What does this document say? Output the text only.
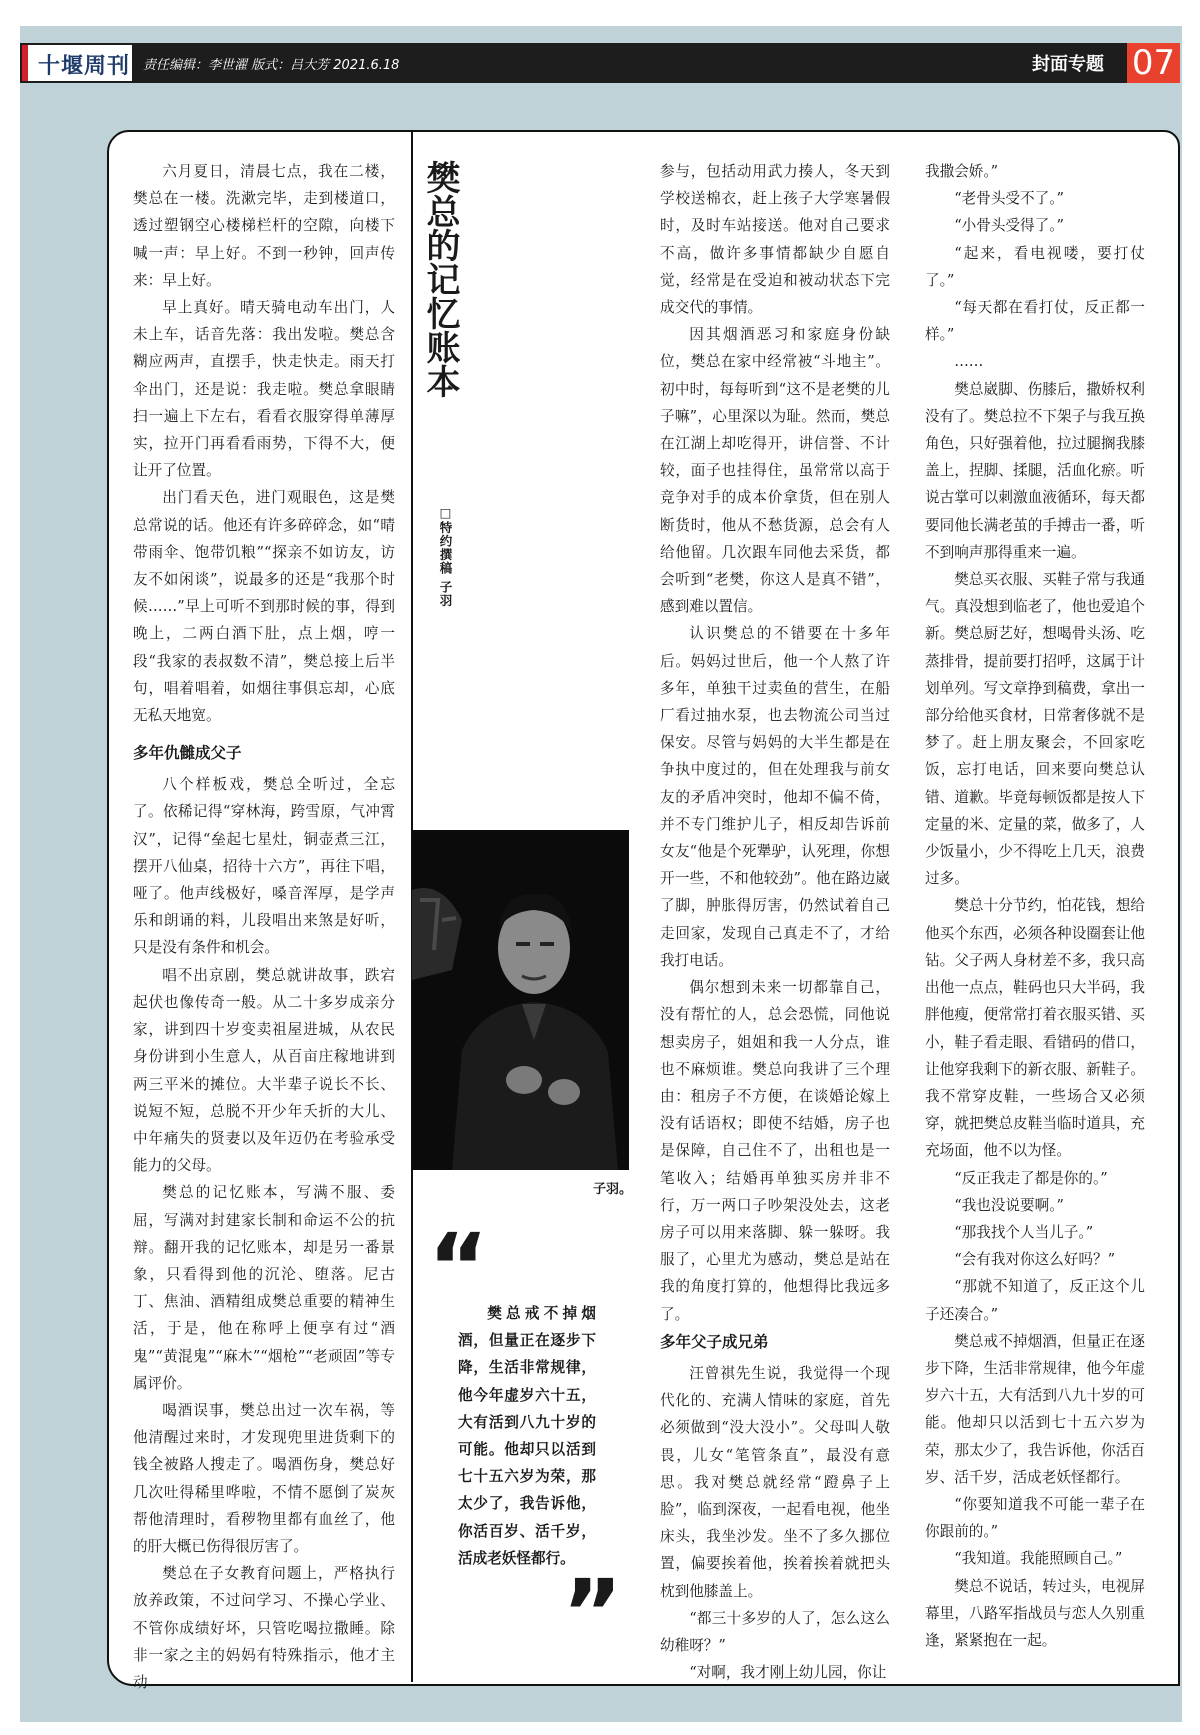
十堰周刊 责任编辑：李世濯 版式：吕大芳 2021.6.18	封面专题 07

六月夏日，清晨七点，我在二楼，樊总在一楼。洗漱完毕，走到楼道口，透过塑钢空心楼梯栏杆的空隙，向楼下喊一声：早上好。不到一秒钟，回声传来：早上好。

早上真好。晴天骑电动车出门，人未上车，话音先落：我出发啦。樊总含糊应两声，直摆手，快走快走。雨天打伞出门，还是说：我走啦。樊总拿眼睛扫一遍上下左右，看看衣服穿得单薄厚实，拉开门再看看雨势，下得不大，便让开了位置。

出门看天色，进门观眼色，这是樊总常说的话。他还有许多碎碎念，如“晴带雨伞、饱带饥粮”“探亲不如访友，访友不如闲谈”，说最多的还是“我那个时候……”早上可听不到那时候的事，得到晚上，二两白酒下肚，点上烟，哼一段“我家的表叔数不清”，樊总接上后半句，唱着唱着，如烟往事俱忘却，心底无私天地宽。

多年仇雠成父子

八个样板戏，樊总全听过，全忘了。依稀记得“穿林海，跨雪原，气冲霄汉”，记得“垒起七星灶，铜壶煮三江，摆开八仙桌，招待十六方”，再往下唱，哑了。他声线极好，嗓音浑厚，是学声乐和朗诵的料，儿段唱出来煞是好听，只是没有条件和机会。

唱不出京剧，樊总就讲故事，跌宕起伏也像传奇一般。从二十多岁成亲分家，讲到四十岁变卖祖屋进城，从农民身份讲到小生意人，从百亩庄稼地讲到两三平米的摊位。大半辈子说长不长、说短不短，总脱不开少年夭折的大儿、中年痛失的贤妻以及年迈仍在考验承受能力的父母。

樊总的记忆账本，写满不服、委屈，写满对封建家长制和命运不公的抗辩。翻开我的记忆账本，却是另一番景象，只看得到他的沉沦、堕落。尼古丁、焦油、酒精组成樊总重要的精神生活，于是，他在称呼上便享有过“酒鬼”“黄混鬼”“麻木”“烟枪”“老顽固”等专属评价。

喝酒误事，樊总出过一次车祸，等他清醒过来时，才发现兜里进货剩下的钱全被路人搜走了。喝酒伤身，樊总好几次吐得稀里哗啦，不情不愿倒了炭灰帮他清理时，看秽物里都有血丝了，他的肝大概已伤得很厉害了。

樊总在子女教育问题上，严格执行放养政策，不过问学习、不操心学业、不管你成绩好坏，只管吃喝拉撒睡。除非一家之主的妈妈有特殊指示，他才主动

樊总的记忆账本
□特约撰稿 子羽
子羽。
“

樊总戒不掉烟酒，但量正在逐步下降，生活非常规律，他今年虚岁六十五，大有活到八九十岁的可能。他却只以活到七十五六岁为荣，那太少了，我告诉他，你活百岁、活千岁，活成老妖怪都行。

”

参与，包括动用武力揍人，冬天到学校送棉衣，赶上孩子大学寒暑假时，及时车站接送。他对自己要求不高，做许多事情都缺少自愿自觉，经常是在受迫和被动状态下完成交代的事情。

因其烟酒恶习和家庭身份缺位，樊总在家中经常被“斗地主”。初中时，每每听到“这不是老樊的儿子嘛”，心里深以为耻。然而，樊总在江湖上却吃得开，讲信誉、不计较，面子也挂得住，虽常常以高于竞争对手的成本价拿货，但在别人断货时，他从不愁货源，总会有人给他留。几次跟车同他去采货，都会听到“老樊，你这人是真不错”，感到难以置信。

认识樊总的不错要在十多年后。妈妈过世后，他一个人熬了许多年，单独干过卖鱼的营生，在船厂看过抽水泵，也去物流公司当过保安。尽管与妈妈的大半生都是在争执中度过的，但在处理我与前女友的矛盾冲突时，他却不偏不倚，并不专门维护儿子，相反却告诉前女友“他是个死犟驴，认死理，你想开一些，不和他较劲”。他在路边崴了脚，肿胀得厉害，仍然试着自己走回家，发现自己真走不了，才给我打电话。

偶尔想到未来一切都靠自己，没有帮忙的人，总会恐慌，同他说想卖房子，姐姐和我一人分点，谁也不麻烦谁。樊总向我讲了三个理由：租房子不方便，在谈婚论嫁上没有话语权；即使不结婚，房子也是保障，自己住不了，出租也是一笔收入；结婚再单独买房并非不行，万一两口子吵架没处去，这老房子可以用来落脚、躲一躲呀。我服了，心里尤为感动，樊总是站在我的角度打算的，他想得比我远多了。

多年父子成兄弟

汪曾祺先生说，我觉得一个现代化的、充满人情味的家庭，首先必须做到“没大没小”。父母叫人敬畏，儿女“笔管条直”，最没有意思。我对樊总就经常“蹬鼻子上脸”，临到深夜，一起看电视，他坐床头，我坐沙发。坐不了多久挪位置，偏要挨着他，挨着挨着就把头枕到他膝盖上。

“都三十多岁的人了，怎么这么幼稚呀？”

“对啊，我才刚上幼儿园，你让

我撒会娇。”

“老骨头受不了。”

“小骨头受得了。”

“起来，看电视喽，要打仗了。”

“每天都在看打仗，反正都一样。”

……

樊总崴脚、伤膝后，撒娇权利没有了。樊总拉不下架子与我互换角色，只好强着他，拉过腿搁我膝盖上，捏脚、揉腿，活血化瘀。听说古掌可以刺激血液循环，每天都要同他长满老茧的手搏击一番，听不到响声那得重来一遍。

樊总买衣服、买鞋子常与我通气。真没想到临老了，他也爱追个新。樊总厨艺好，想喝骨头汤、吃蒸排骨，提前要打招呼，这属于计划单列。写文章挣到稿费，拿出一部分给他买食材，日常奢侈就不是梦了。赶上朋友聚会，不回家吃饭，忘打电话，回来要向樊总认错、道歉。毕竟每顿饭都是按人下定量的米、定量的菜，做多了，人少饭量小，少不得吃上几天，浪费过多。

樊总十分节约，怕花钱，想给他买个东西，必须各种设圈套让他钻。父子两人身材差不多，我只高出他一点点，鞋码也只大半码，我胖他瘦，便常常打着衣服买错、买小，鞋子看走眼、看错码的借口，让他穿我剩下的新衣服、新鞋子。我不常穿皮鞋，一些场合又必须穿，就把樊总皮鞋当临时道具，充充场面，他不以为怪。

“反正我走了都是你的。”

“我也没说要啊。”

“那我找个人当儿子。”

“会有我对你这么好吗？”

“那就不知道了，反正这个儿子还凑合。”

樊总戒不掉烟酒，但量正在逐步下降，生活非常规律，他今年虚岁六十五，大有活到八九十岁的可能。他却只以活到七十五六岁为荣，那太少了，我告诉他，你活百岁、活千岁，活成老妖怪都行。

“你要知道我不可能一辈子在你跟前的。”

“我知道。我能照顾自己。”

樊总不说话，转过头，电视屏幕里，八路军指战员与恋人久别重逢，紧紧抱在一起。
